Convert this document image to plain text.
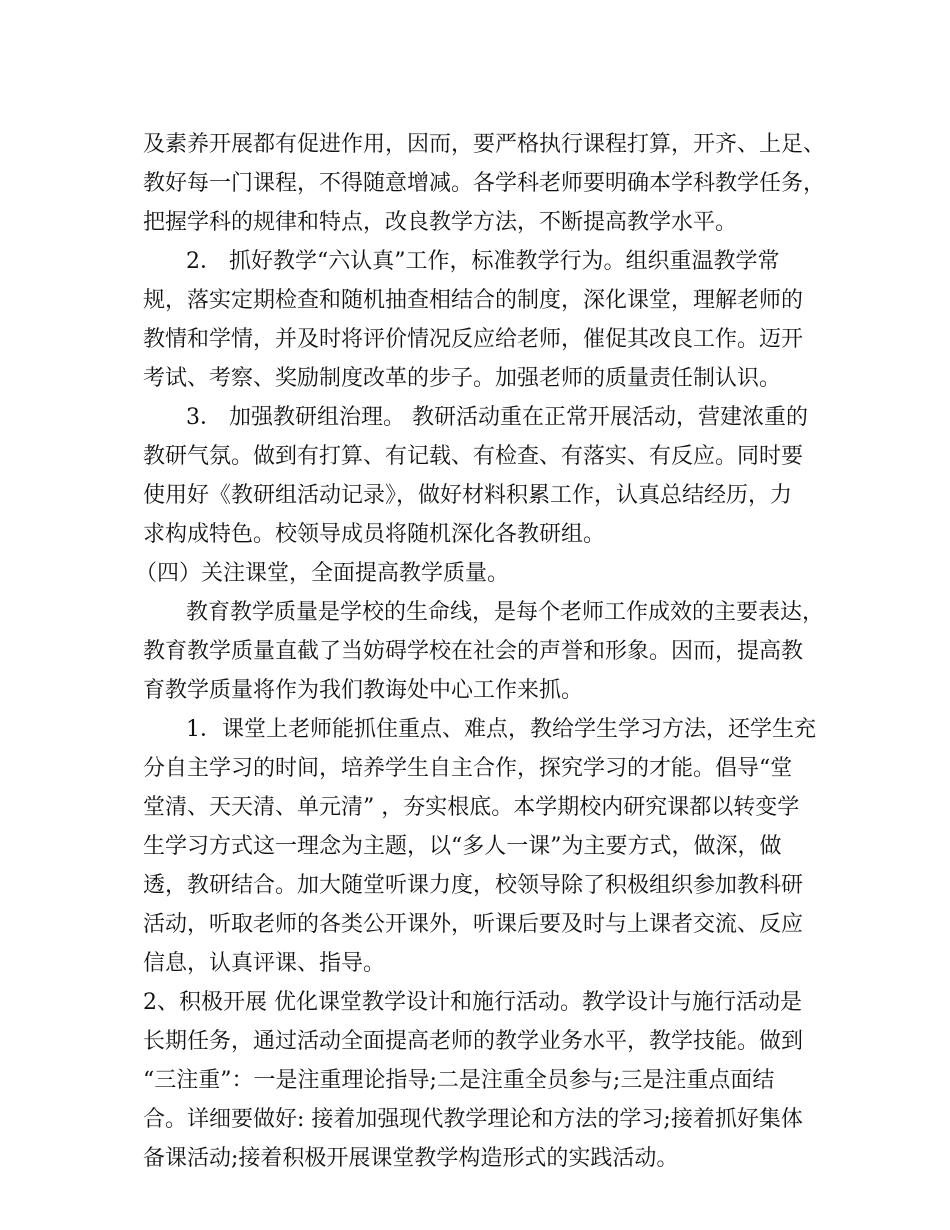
及素养开展都有促进作用，因而，要严格执行课程打算，开齐、上足、
教好每一门课程，不得随意增减。各学科老师要明确本学科教学任务，
把握学科的规律和特点，改良教学方法，不断提高教学水平。
2． 抓好教学“六认真”工作，标准教学行为。组织重温教学常
规，落实定期检查和随机抽查相结合的制度，深化课堂，理解老师的
教情和学情，并及时将评价情况反应给老师，催促其改良工作。迈开
考试、考察、奖励制度改革的步子。加强老师的质量责任制认识。
3． 加强教研组治理。 教研活动重在正常开展活动，营建浓重的
教研气氛。做到有打算、有记载、有检查、有落实、有反应。同时要
使用好《教研组活动记录》，做好材料积累工作，认真总结经历，力
求构成特色。校领导成员将随机深化各教研组。
（四）关注课堂，全面提高教学质量。
教育教学质量是学校的生命线，是每个老师工作成效的主要表达，
教育教学质量直截了当妨碍学校在社会的声誉和形象。因而，提高教
育教学质量将作为我们教诲处中心工作来抓。
1．课堂上老师能抓住重点、难点，教给学生学习方法，还学生充
分自主学习的时间，培养学生自主合作，探究学习的才能。倡导“堂
堂清、天天清、单元清” ，夯实根底。本学期校内研究课都以转变学
生学习方式这一理念为主题，以“多人一课”为主要方式，做深，做
透，教研结合。加大随堂听课力度，校领导除了积极组织参加教科研
活动，听取老师的各类公开课外，听课后要及时与上课者交流、反应
信息，认真评课、指导。
2、积极开展 优化课堂教学设计和施行活动。教学设计与施行活动是
长期任务，通过活动全面提高老师的教学业务水平，教学技能。做到
“三注重”：一是注重理论指导;二是注重全员参与;三是注重点面结
合。详细要做好: 接着加强现代教学理论和方法的学习;接着抓好集体
备课活动;接着积极开展课堂教学构造形式的实践活动。
